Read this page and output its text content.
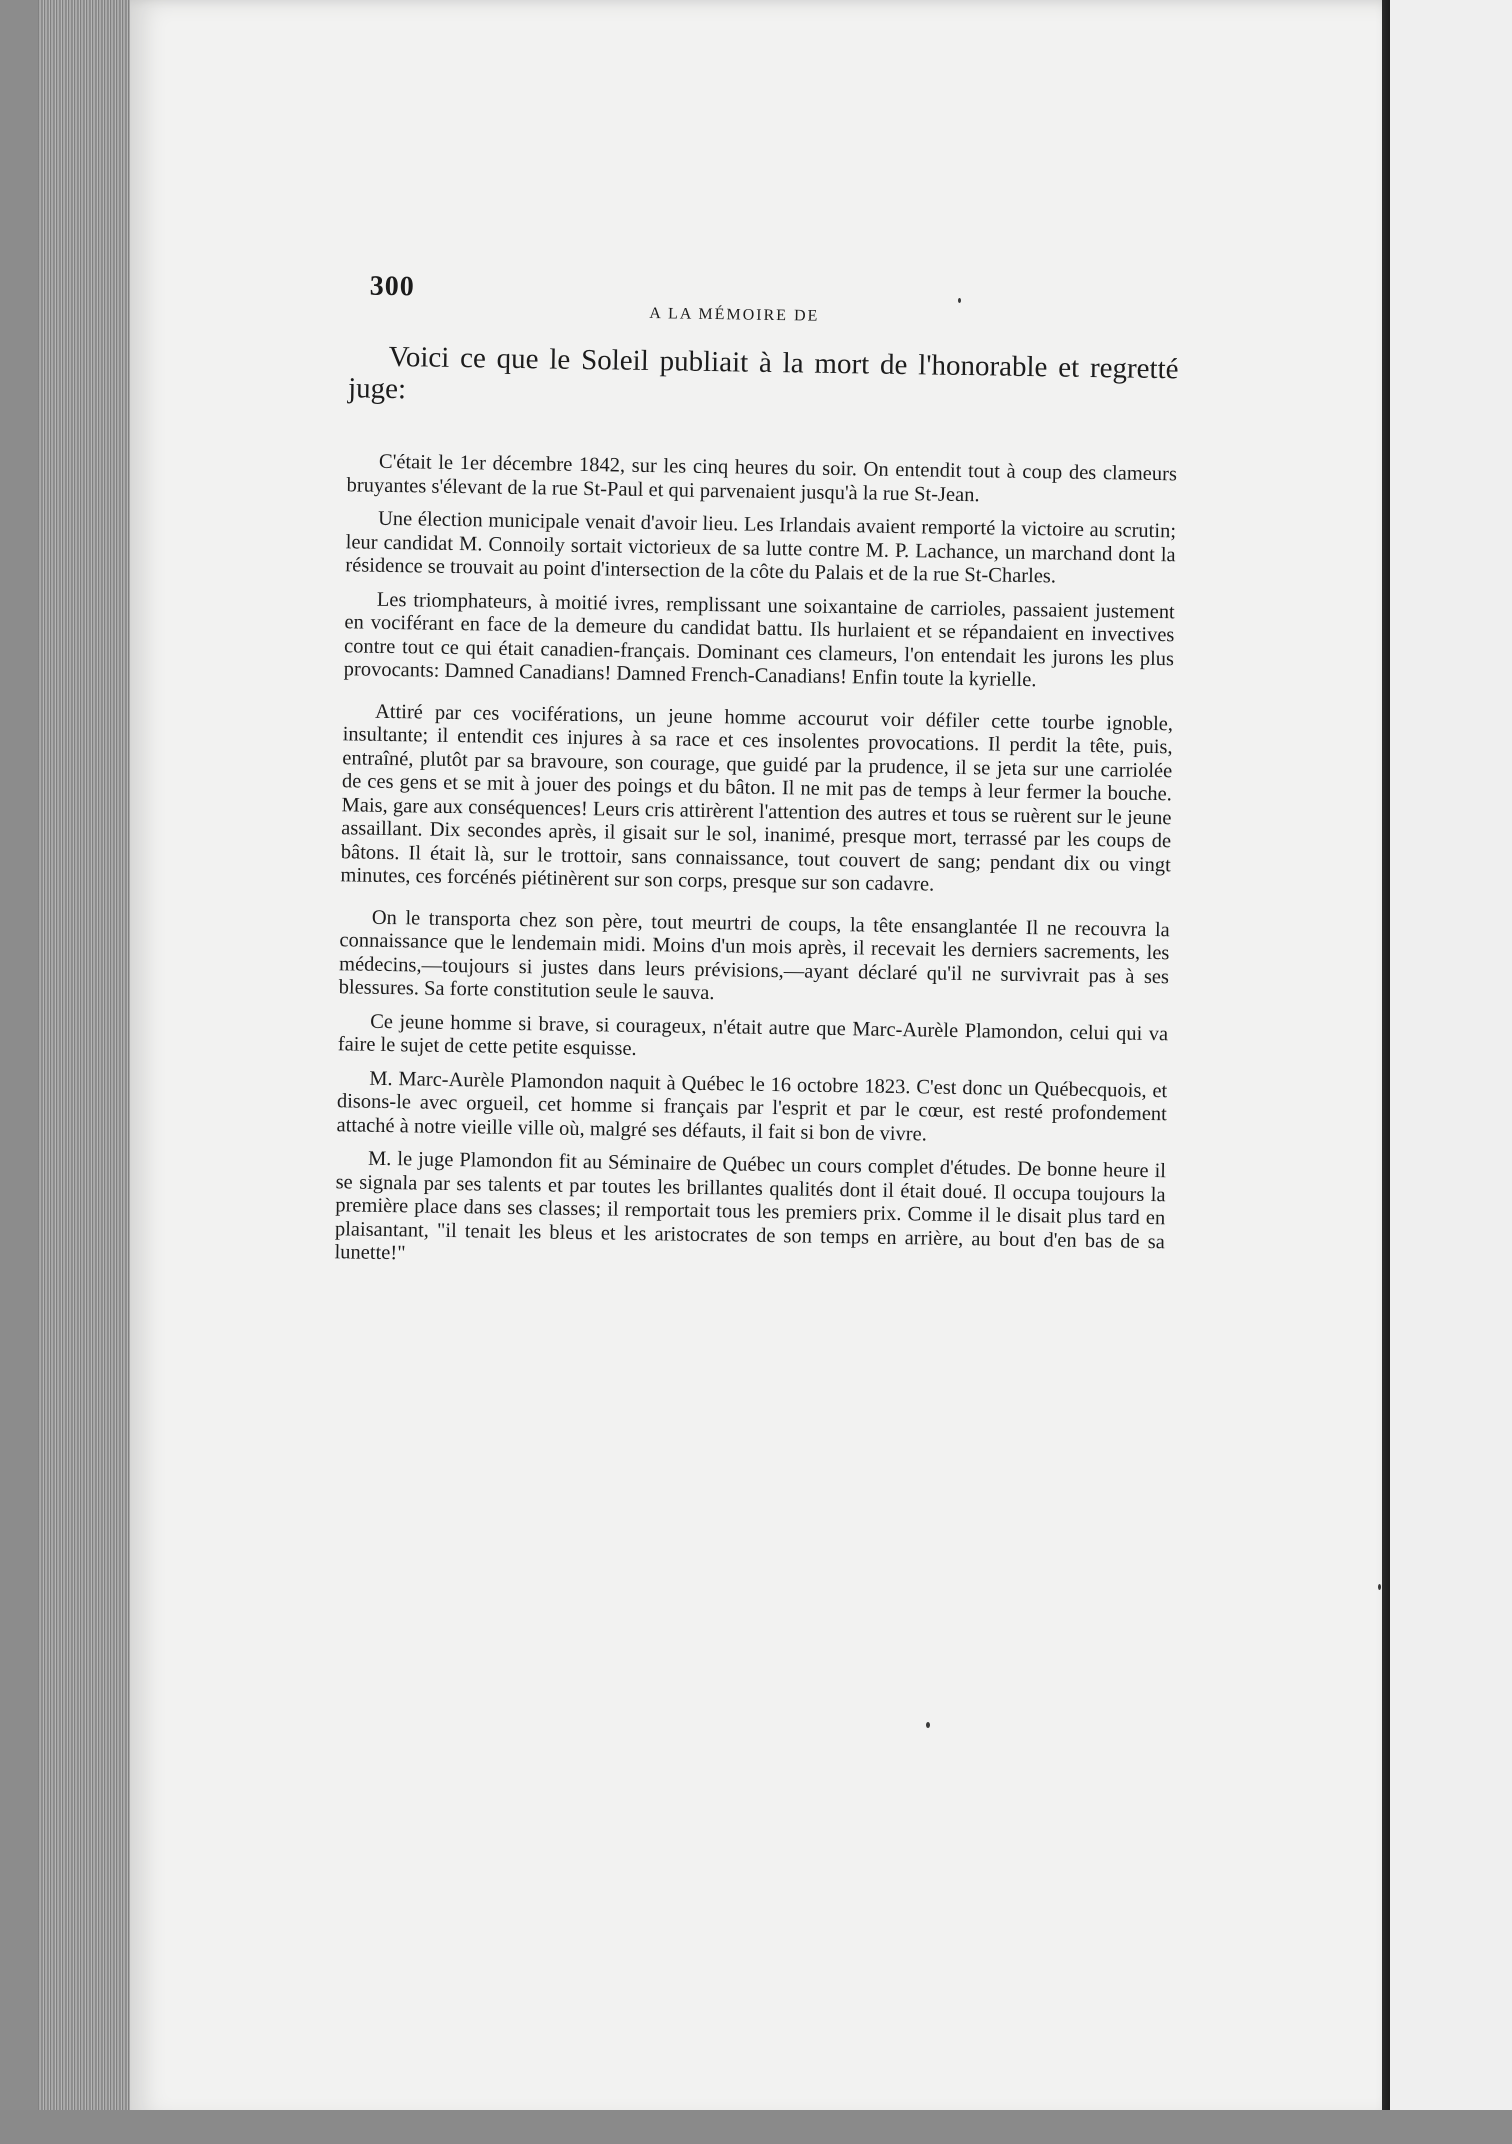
300
A LA MÉMOIRE DE

Voici ce que le Soleil publiait à la mort de l'honorable et regretté juge:

C'était le 1er décembre 1842, sur les cinq heures du soir. On entendit tout à coup des clameurs bruyantes s'élevant de la rue St-Paul et qui parvenaient jusqu'à la rue St-Jean.

Une élection municipale venait d'avoir lieu. Les Irlandais avaient remporté la victoire au scrutin; leur candidat M. Connoily sortait victorieux de sa lutte contre M. P. Lachance, un marchand dont la résidence se trouvait au point d'intersection de la côte du Palais et de la rue St-Charles.

Les triomphateurs, à moitié ivres, remplissant une soixantaine de carrioles, passaient justement en vociférant en face de la demeure du candidat battu. Ils hurlaient et se répandaient en invectives contre tout ce qui était canadien-français. Dominant ces clameurs, l'on entendait les jurons les plus provocants: Damned Canadians! Damned French-Canadians! Enfin toute la kyrielle.

Attiré par ces vociférations, un jeune homme accourut voir défiler cette tourbe ignoble, insultante; il entendit ces injures à sa race et ces insolentes provocations. Il perdit la tête, puis, entraîné, plutôt par sa bravoure, son courage, que guidé par la prudence, il se jeta sur une carriolée de ces gens et se mit à jouer des poings et du bâton. Il ne mit pas de temps à leur fermer la bouche. Mais, gare aux conséquences! Leurs cris attirèrent l'attention des autres et tous se ruèrent sur le jeune assaillant. Dix secondes après, il gisait sur le sol, inanimé, presque mort, terrassé par les coups de bâtons. Il était là, sur le trottoir, sans connaissance, tout couvert de sang; pendant dix ou vingt minutes, ces forcénés piétinèrent sur son corps, presque sur son cadavre.

On le transporta chez son père, tout meurtri de coups, la tête ensanglantée Il ne recouvra la connaissance que le lendemain midi. Moins d'un mois après, il recevait les derniers sacrements, les médecins,—toujours si justes dans leurs prévisions,—ayant déclaré qu'il ne survivrait pas à ses blessures. Sa forte constitution seule le sauva.

Ce jeune homme si brave, si courageux, n'était autre que Marc-Aurèle Plamondon, celui qui va faire le sujet de cette petite esquisse.

M. Marc-Aurèle Plamondon naquit à Québec le 16 octobre 1823. C'est donc un Québecquois, et disons-le avec orgueil, cet homme si français par l'esprit et par le cœur, est resté profondement attaché à notre vieille ville où, malgré ses défauts, il fait si bon de vivre.

M. le juge Plamondon fit au Séminaire de Québec un cours complet d'études. De bonne heure il se signala par ses talents et par toutes les brillantes qualités dont il était doué. Il occupa toujours la première place dans ses classes; il remportait tous les premiers prix. Comme il le disait plus tard en plaisantant, "il tenait les bleus et les aristocrates de son temps en arrière, au bout d'en bas de sa lunette!"
